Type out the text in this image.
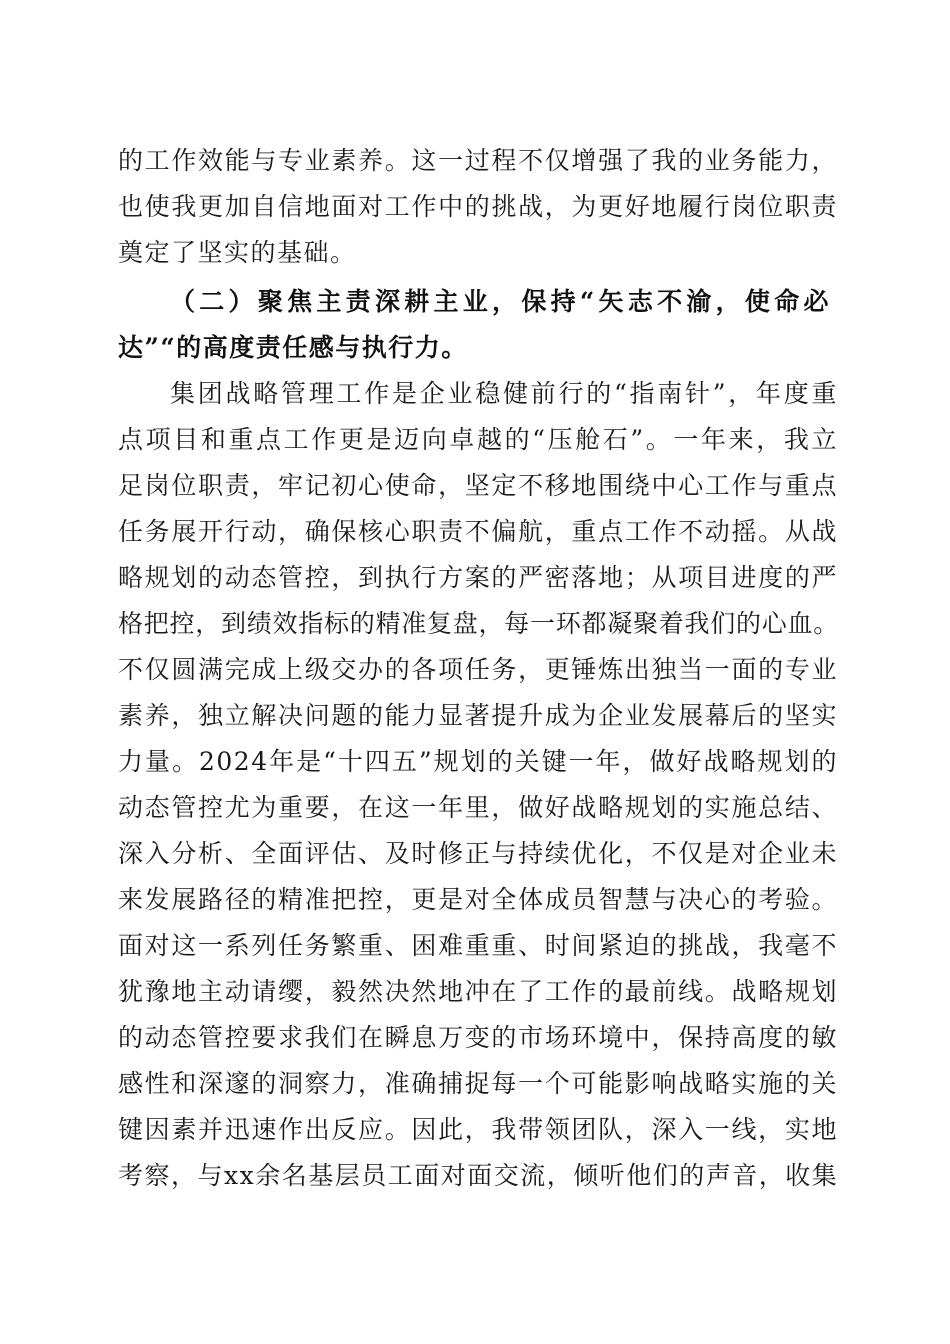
的工作效能与专业素养。这一过程不仅增强了我的业务能力，
也使我更加自信地面对工作中的挑战，为更好地履行岗位职责
奠定了坚实的基础。
（二）聚焦主责深耕主业，保持“矢志不渝，使命必
达”“的高度责任感与执行力。
集团战略管理工作是企业稳健前行的“指南针”，年度重
点项目和重点工作更是迈向卓越的“压舱石”。一年来，我立
足岗位职责，牢记初心使命，坚定不移地围绕中心工作与重点
任务展开行动，确保核心职责不偏航，重点工作不动摇。从战
略规划的动态管控，到执行方案的严密落地；从项目进度的严
格把控，到绩效指标的精准复盘，每一环都凝聚着我们的心血。
不仅圆满完成上级交办的各项任务，更锤炼出独当一面的专业
素养，独立解决问题的能力显著提升成为企业发展幕后的坚实
力量。2024年是“十四五”规划的关键一年，做好战略规划的
动态管控尤为重要，在这一年里，做好战略规划的实施总结、
深入分析、全面评估、及时修正与持续优化，不仅是对企业未
来发展路径的精准把控，更是对全体成员智慧与决心的考验。
面对这一系列任务繁重、困难重重、时间紧迫的挑战，我毫不
犹豫地主动请缨，毅然决然地冲在了工作的最前线。战略规划
的动态管控要求我们在瞬息万变的市场环境中，保持高度的敏
感性和深邃的洞察力，准确捕捉每一个可能影响战略实施的关
键因素并迅速作出反应。因此，我带领团队，深入一线，实地
考察，与xx余名基层员工面对面交流，倾听他们的声音，收集
